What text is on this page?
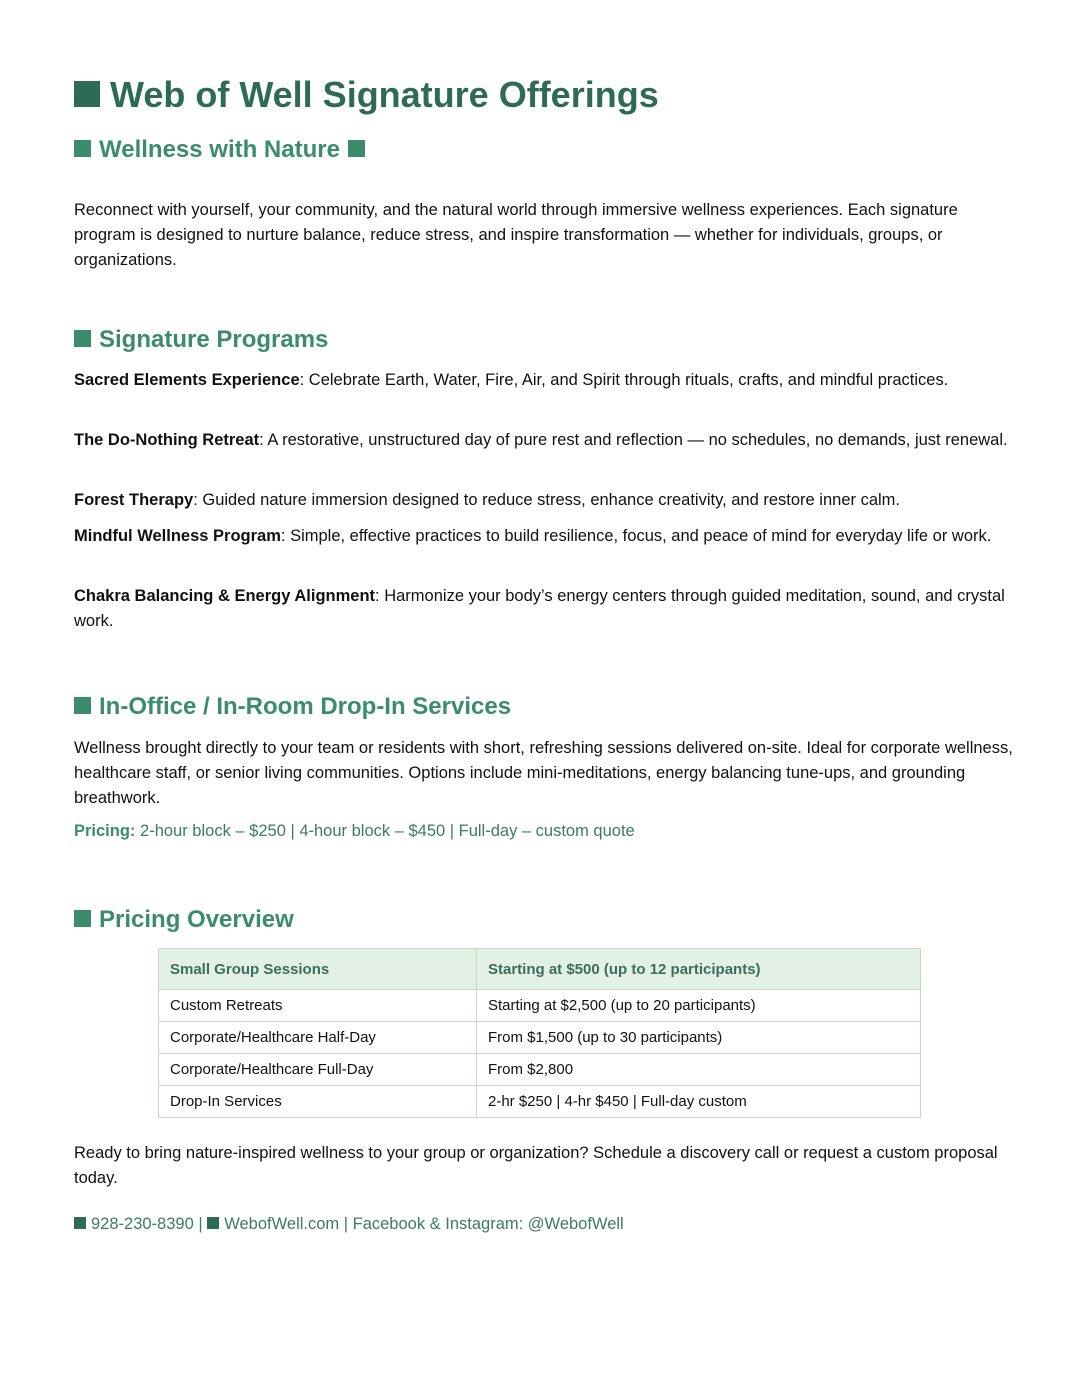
Web of Well Signature Offerings
Wellness with Nature

Reconnect with yourself, your community, and the natural world through immersive wellness experiences. Each signature program is designed to nurture balance, reduce stress, and inspire transformation — whether for individuals, groups, or organizations.

Signature Programs

Sacred Elements Experience: Celebrate Earth, Water, Fire, Air, and Spirit through rituals, crafts, and mindful practices.

The Do-Nothing Retreat: A restorative, unstructured day of pure rest and reflection — no schedules, no demands, just renewal.

Forest Therapy: Guided nature immersion designed to reduce stress, enhance creativity, and restore inner calm.

Mindful Wellness Program: Simple, effective practices to build resilience, focus, and peace of mind for everyday life or work.

Chakra Balancing & Energy Alignment: Harmonize your body’s energy centers through guided meditation, sound, and crystal work.

In-Office / In-Room Drop-In Services

Wellness brought directly to your team or residents with short, refreshing sessions delivered on-site. Ideal for corporate wellness, healthcare staff, or senior living communities. Options include mini-meditations, energy balancing tune-ups, and grounding breathwork.

Pricing: 2-hour block – $250 | 4-hour block – $450 | Full-day – custom quote
Pricing Overview
Small Group Sessions	Starting at $500 (up to 12 participants)
Custom Retreats	Starting at $2,500 (up to 20 participants)
Corporate/Healthcare Half-Day	From $1,500 (up to 30 participants)
Corporate/Healthcare Full-Day	From $2,800
Drop-In Services	2-hr $250 | 4-hr $450 | Full-day custom

Ready to bring nature-inspired wellness to your group or organization? Schedule a discovery call or request a custom proposal today.

928-230-8390 | WebofWell.com | Facebook & Instagram: @WebofWell
